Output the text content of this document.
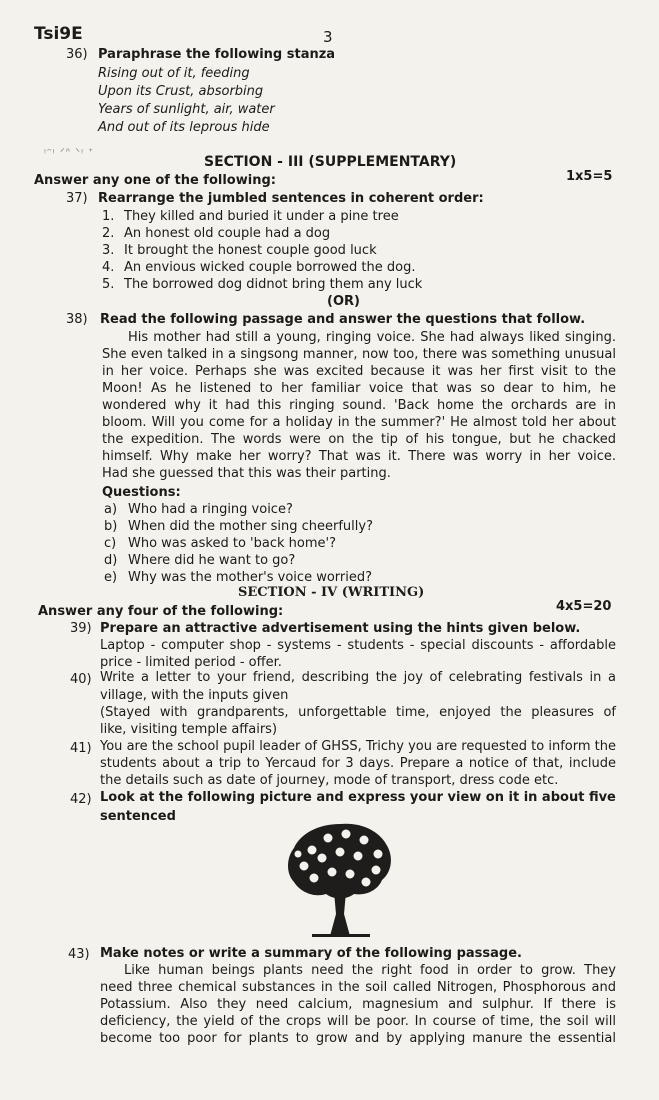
Tsi9E	3
36) Paraphrase the following stanza
Rising out of it, feeding
Upon its Crust, absorbing
Years of sunlight, air, water
And out of its leprous hide
ᵎᵔᵎ ᐟᐢ ᐠᵎ ᐩ
SECTION - III (SUPPLEMENTARY)
Answer any one of the following:	1x5=5
37) Rearrange the jumbled sentences in coherent order:
1. They killed and buried it under a pine tree
2. An honest old couple had a dog
3. It brought the honest couple good luck
4. An envious wicked couple borrowed the dog.
5. The borrowed dog didnot bring them any luck
(OR)
38) Read the following passage and answer the questions that follow.
His mother had still a young, ringing voice. She had always liked singing.
She even talked in a singsong manner, now too, there was something unusual
in her voice. Perhaps she was excited because it was her first visit to the
Moon! As he listened to her familiar voice that was so dear to him, he
wondered why it had this ringing sound. 'Back home the orchards are in
bloom. Will you come for a holiday in the summer?' He almost told her about
the expedition. The words were on the tip of his tongue, but he chacked
himself. Why make her worry? That was it. There was worry in her voice.
Had she guessed that this was their parting.
Questions:
a) Who had a ringing voice?
b) When did the mother sing cheerfully?
c) Who was asked to 'back home'?
d) Where did he want to go?
e) Why was the mother's voice worried?
SECTION - IV (WRITING)
Answer any four of the following:	4x5=20
39) Prepare an attractive advertisement using the hints given below.
Laptop - computer shop - systems - students - special discounts - affordable
price - limited period - offer.
40) Write a letter to your friend, describing the joy of celebrating festivals in a
village, with the inputs given
(Stayed with grandparents, unforgettable time, enjoyed the pleasures of
like, visiting temple affairs)
41) You are the school pupil leader of GHSS, Trichy you are requested to inform the
students about a trip to Yercaud for 3 days. Prepare a notice of that, include
the details such as date of journey, mode of transport, dress code etc.
42) Look at the following picture and express your view on it in about five
sentenced
43) Make notes or write a summary of the following passage.
Like human beings plants need the right food in order to grow. They
need three chemical substances in the soil called Nitrogen, Phosphorous and
Potassium. Also they need calcium, magnesium and sulphur. If there is
deficiency, the yield of the crops will be poor. In course of time, the soil will
become too poor for plants to grow and by applying manure the essential
